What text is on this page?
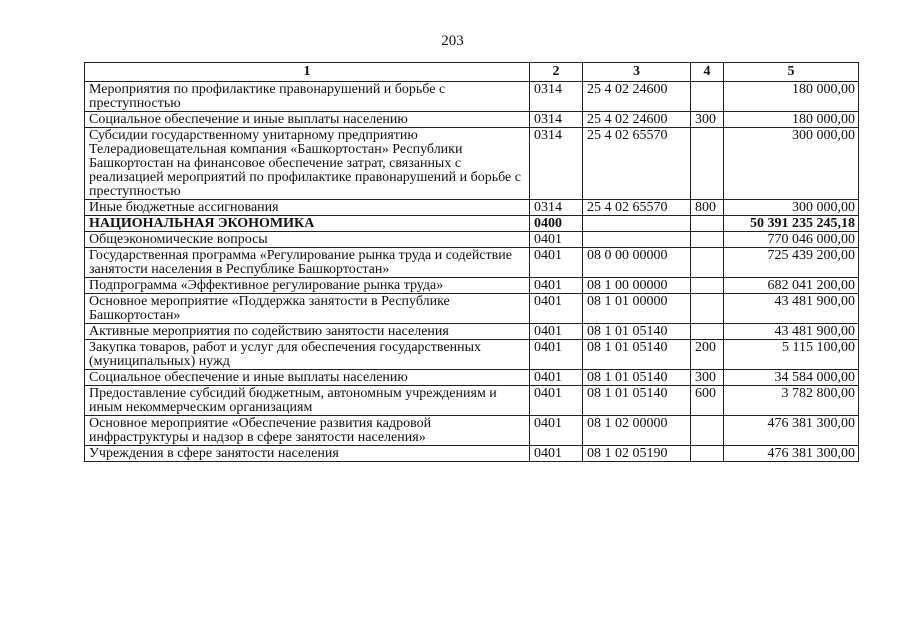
203
1	2	3	4	5
Мероприятия по профилактике правонарушений и борьбе с преступностью	0314	25 4 02 24600		180 000,00
Социальное обеспечение и иные выплаты населению	0314	25 4 02 24600	300	180 000,00
Субсидии государственному унитарному предприятию Телерадиовещательная компания «Башкортостан» Республики Башкортостан на финансовое обеспечение затрат, связанных с реализацией мероприятий по профилактике правонарушений и борьбе с преступностью	0314	25 4 02 65570		300 000,00
Иные бюджетные ассигнования	0314	25 4 02 65570	800	300 000,00
НАЦИОНАЛЬНАЯ ЭКОНОМИКА	0400			50 391 235 245,18
Общеэкономические вопросы	0401			770 046 000,00
Государственная программа «Регулирование рынка труда и содействие занятости населения в Республике Башкортостан»	0401	08 0 00 00000		725 439 200,00
Подпрограмма «Эффективное регулирование рынка труда»	0401	08 1 00 00000		682 041 200,00
Основное мероприятие «Поддержка занятости в Республике Башкортостан»	0401	08 1 01 00000		43 481 900,00
Активные мероприятия по содействию занятости населения	0401	08 1 01 05140		43 481 900,00
Закупка товаров, работ и услуг для обеспечения государственных (муниципальных) нужд	0401	08 1 01 05140	200	5 115 100,00
Социальное обеспечение и иные выплаты населению	0401	08 1 01 05140	300	34 584 000,00
Предоставление субсидий бюджетным, автономным учреждениям и иным некоммерческим организациям	0401	08 1 01 05140	600	3 782 800,00
Основное мероприятие «Обеспечение развития кадровой инфраструктуры и надзор в сфере занятости населения»	0401	08 1 02 00000		476 381 300,00
Учреждения в сфере занятости населения	0401	08 1 02 05190		476 381 300,00
